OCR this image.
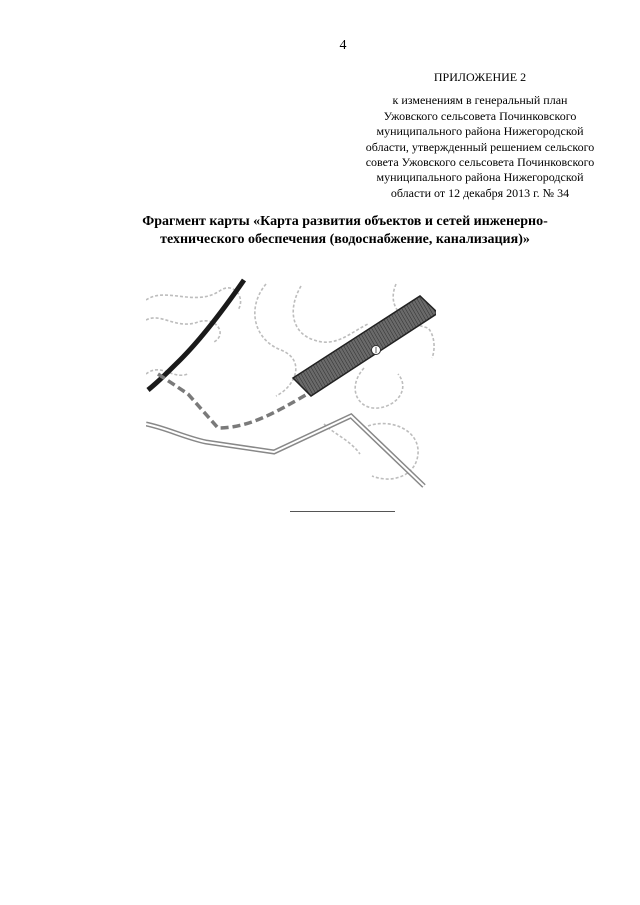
4
ПРИЛОЖЕНИЕ 2
к изменениям в генеральный план
Ужовского сельсовета Починковского
муниципального района Нижегородской
области, утвержденный решением сельского
совета Ужовского сельсовета Починковского
муниципального района Нижегородской
области от 12 декабря 2013 г. № 34
Фрагмент карты «Карта развития объектов и сетей инженерно-
технического обеспечения (водоснабжение, канализация)»
